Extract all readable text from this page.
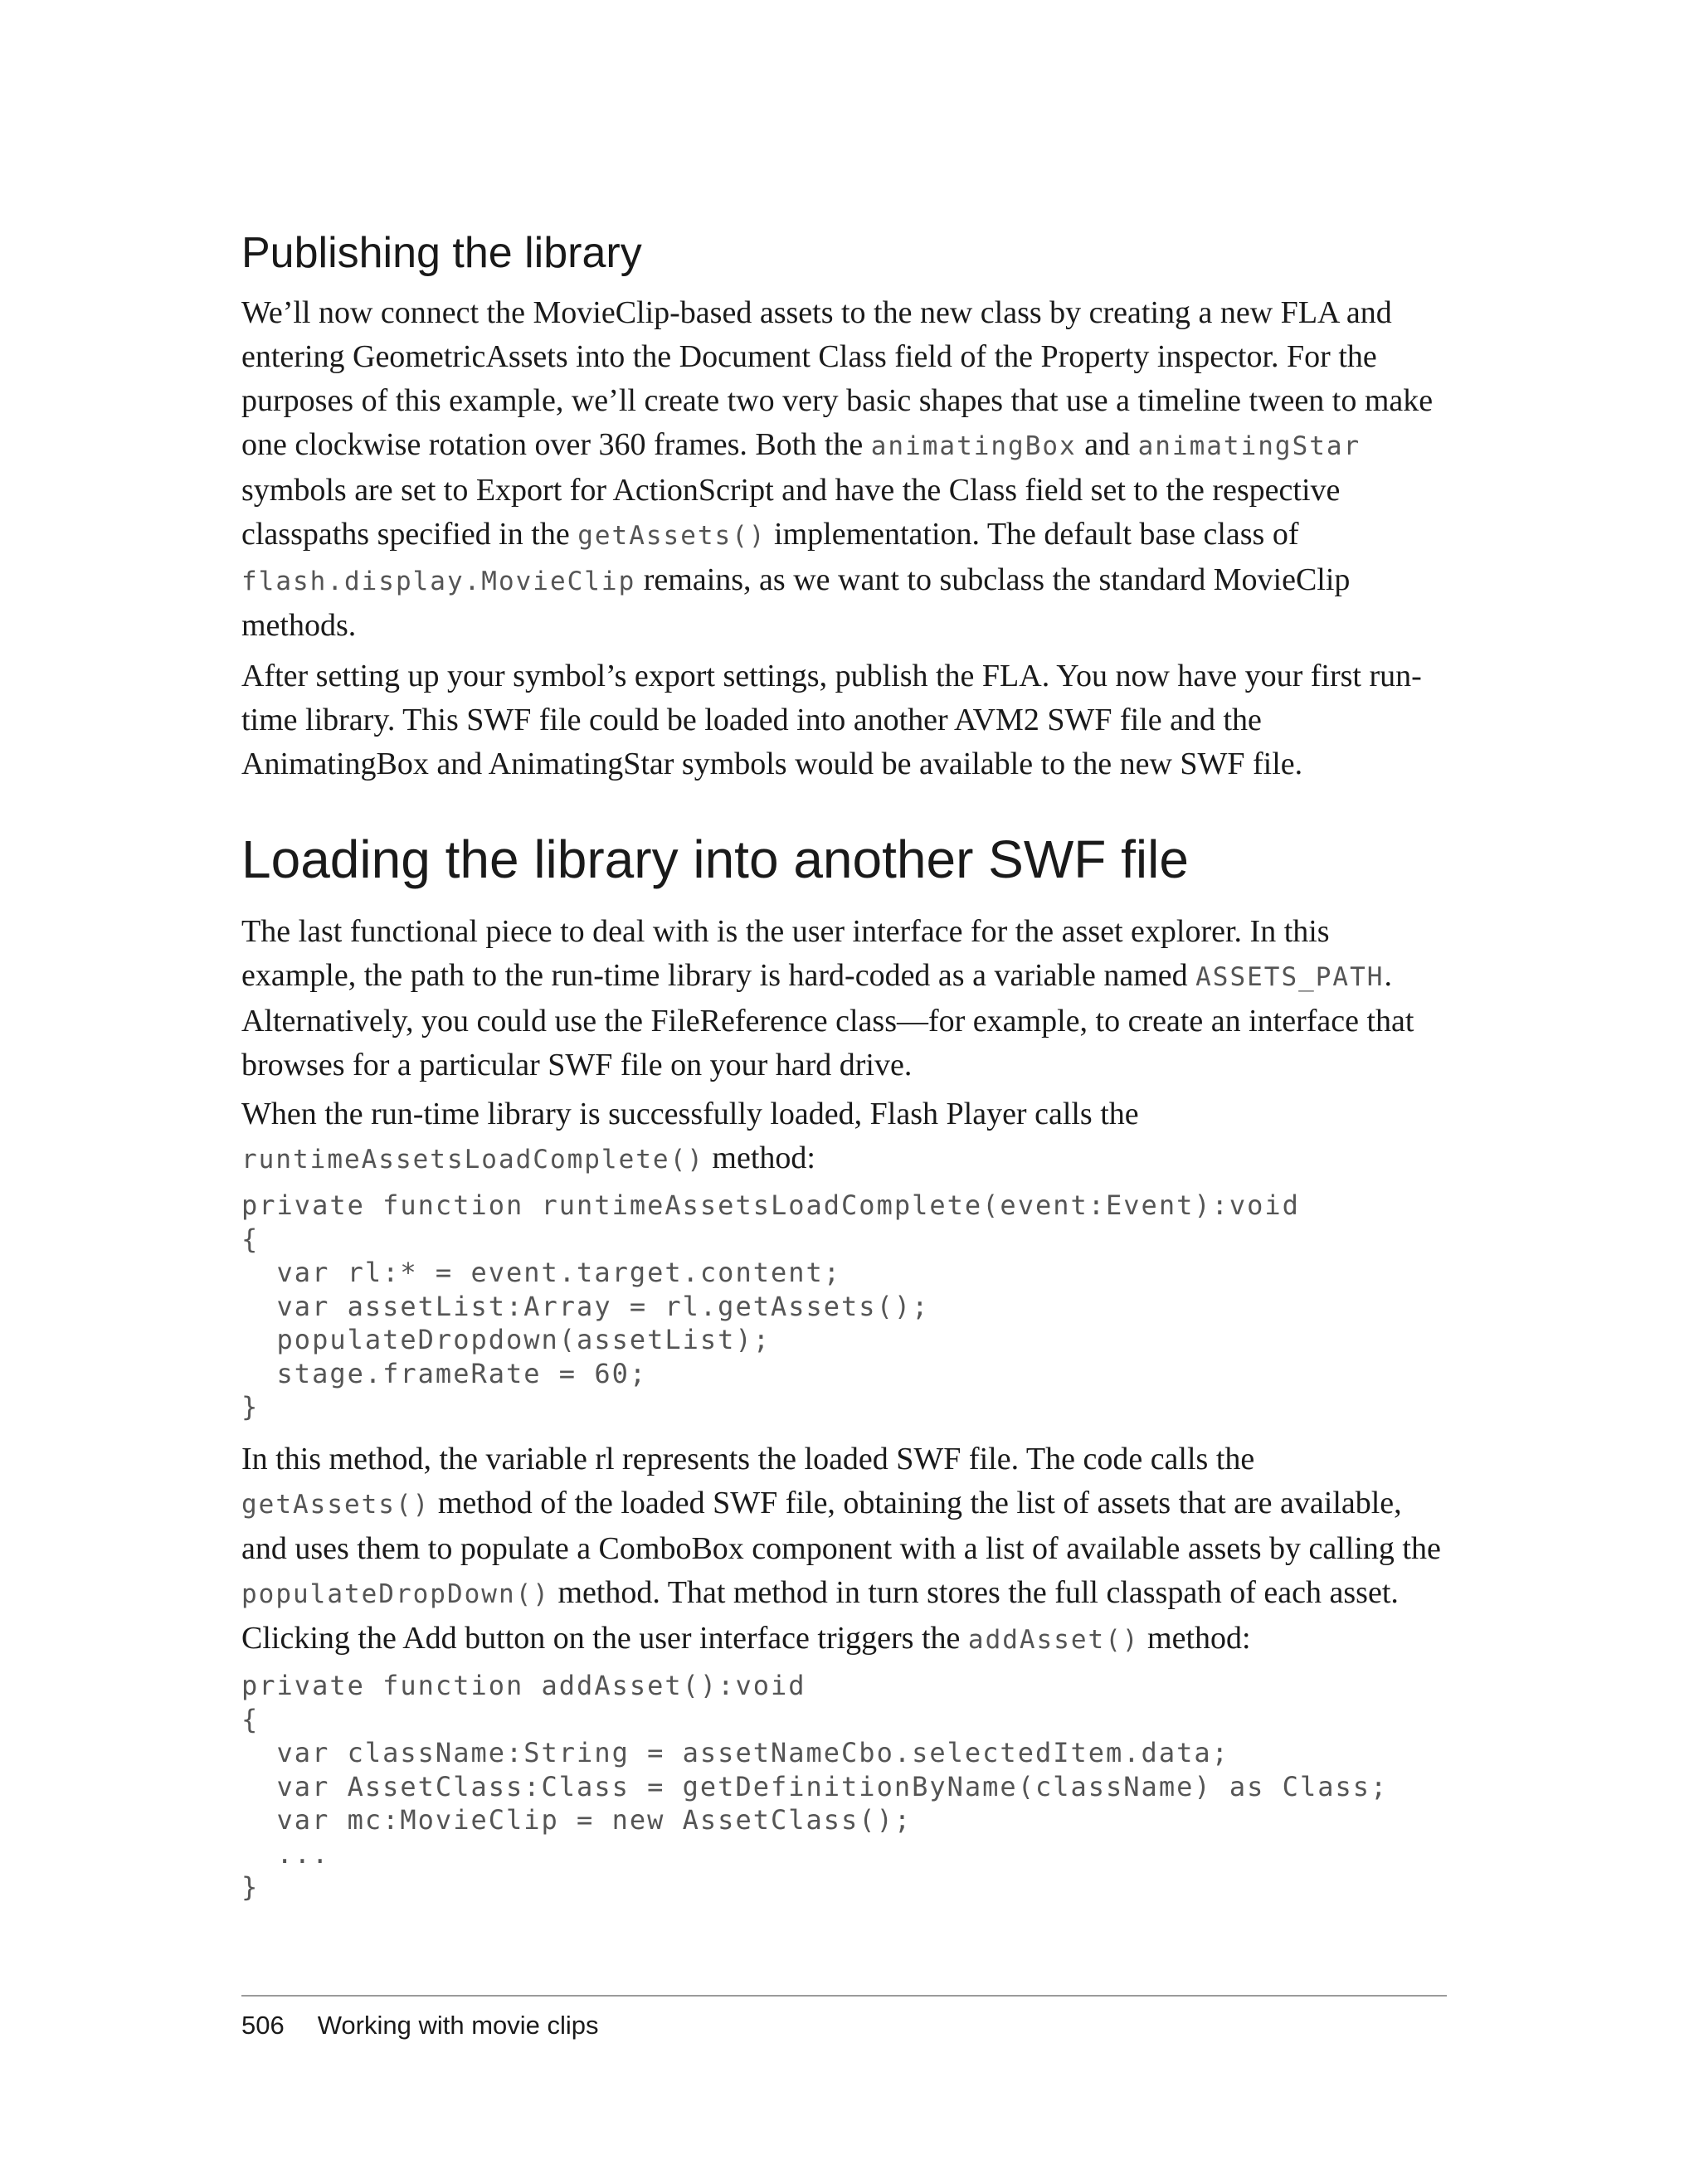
Publishing the library

We’ll now connect the MovieClip-based assets to the new class by creating a new FLA and entering GeometricAssets into the Document Class field of the Property inspector. For the purposes of this example, we’ll create two very basic shapes that use a timeline tween to make one clockwise rotation over 360 frames. Both the animatingBox and animatingStar symbols are set to Export for ActionScript and have the Class field set to the respective classpaths specified in the getAssets() implementation. The default base class of flash.display.MovieClip remains, as we want to subclass the standard MovieClip methods.

After setting up your symbol’s export settings, publish the FLA. You now have your first run-time library. This SWF file could be loaded into another AVM2 SWF file and the AnimatingBox and AnimatingStar symbols would be available to the new SWF file.

Loading the library into another SWF file

The last functional piece to deal with is the user interface for the asset explorer. In this example, the path to the run-time library is hard-coded as a variable named ASSETS_PATH. Alternatively, you could use the FileReference class—for example, to create an interface that browses for a particular SWF file on your hard drive.

When the run-time library is successfully loaded, Flash Player calls the
runtimeAssetsLoadComplete() method:

private function runtimeAssetsLoadComplete(event:Event):void
{
var rl:* = event.target.content;
var assetList:Array = rl.getAssets();
populateDropdown(assetList);
stage.frameRate = 60;
}

In this method, the variable rl represents the loaded SWF file. The code calls the
getAssets() method of the loaded SWF file, obtaining the list of assets that are available, and uses them to populate a ComboBox component with a list of available assets by calling the populateDropDown() method. That method in turn stores the full classpath of each asset. Clicking the Add button on the user interface triggers the addAsset() method:

private function addAsset():void
{
var className:String = assetNameCbo.selectedItem.data;
var AssetClass:Class = getDefinitionByName(className) as Class;
var mc:MovieClip = new AssetClass();
...
}
506 Working with movie clips
